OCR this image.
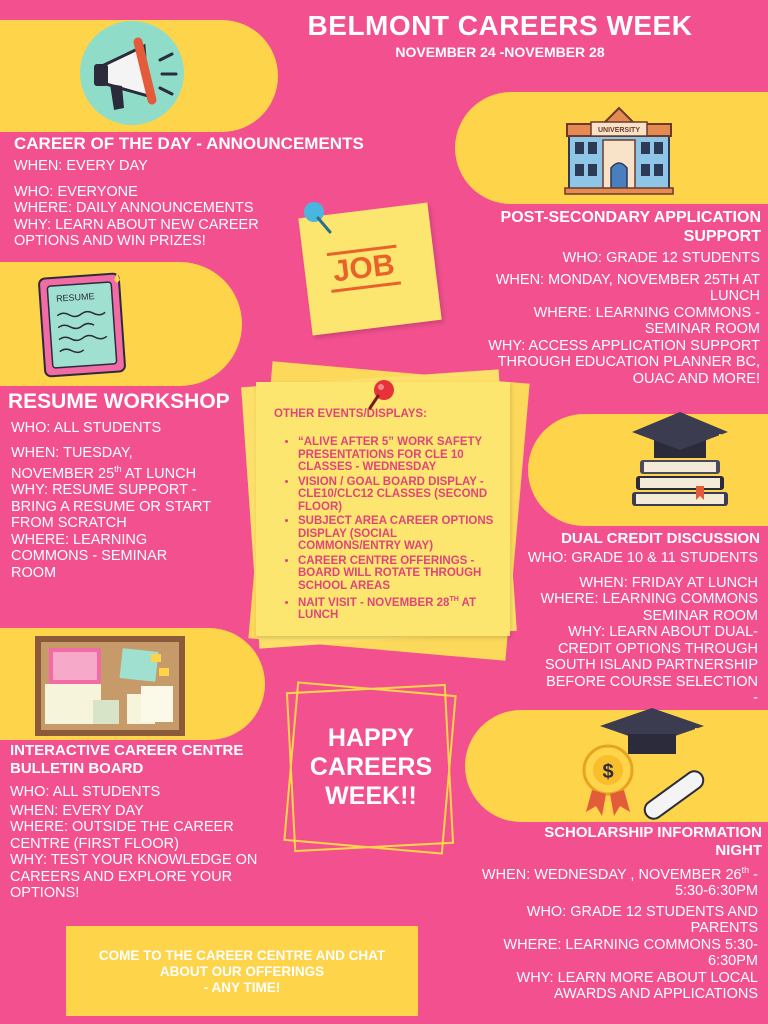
BELMONT CAREERS WEEK
NOVEMBER 24 -NOVEMBER 28
CAREER OF THE DAY - ANNOUNCEMENTS

WHEN: EVERY DAY

WHO: EVERYONE

WHERE: DAILY ANNOUNCEMENTS

WHY: LEARN ABOUT NEW CAREER OPTIONS AND WIN PRIZES!

UNIVERSITY
POST-SECONDARY APPLICATION SUPPORT

WHO: GRADE 12 STUDENTS

WHEN: MONDAY, NOVEMBER 25TH AT LUNCH

WHERE: LEARNING COMMONS - SEMINAR ROOM

WHY: ACCESS APPLICATION SUPPORT THROUGH EDUCATION PLANNER BC, OUAC AND MORE!

JOB
RESUME
RESUME WORKSHOP

WHO: ALL STUDENTS

WHEN: TUESDAY, NOVEMBER 25th AT LUNCH

WHY: RESUME SUPPORT - BRING A RESUME OR START FROM SCRATCH

WHERE: LEARNING COMMONS - SEMINAR ROOM

OTHER EVENTS/DISPLAYS:
• “ALIVE AFTER 5” WORK SAFETY PRESENTATIONS FOR CLE 10 CLASSES - WEDNESDAY
• VISION / GOAL BOARD DISPLAY - CLE10/CLC12 CLASSES (SECOND FLOOR)
• SUBJECT AREA CAREER OPTIONS DISPLAY (SOCIAL COMMONS/ENTRY WAY)
• CAREER CENTRE OFFERINGS - BOARD WILL ROTATE THROUGH SCHOOL AREAS
• NAIT VISIT - NOVEMBER 28TH AT LUNCH
DUAL CREDIT DISCUSSION

WHO: GRADE 10 & 11 STUDENTS

WHEN: FRIDAY AT LUNCH

WHERE: LEARNING COMMONS SEMINAR ROOM

WHY: LEARN ABOUT DUAL-CREDIT OPTIONS THROUGH SOUTH ISLAND PARTNERSHIP BEFORE COURSE SELECTION

-

INTERACTIVE CAREER CENTRE BULLETIN BOARD

WHO: ALL STUDENTS

WHEN: EVERY DAY

WHERE: OUTSIDE THE CAREER CENTRE (FIRST FLOOR)

WHY: TEST YOUR KNOWLEDGE ON CAREERS AND EXPLORE YOUR OPTIONS!

HAPPY
CAREERS
WEEK!!
$
SCHOLARSHIP INFORMATION NIGHT

WHEN: WEDNESDAY , NOVEMBER 26th - 5:30-6:30PM

WHO: GRADE 12 STUDENTS AND PARENTS

WHERE: LEARNING COMMONS 5:30-6:30PM

WHY: LEARN MORE ABOUT LOCAL AWARDS AND APPLICATIONS

COME TO THE CAREER CENTRE AND CHAT
ABOUT OUR OFFERINGS
- ANY TIME!
